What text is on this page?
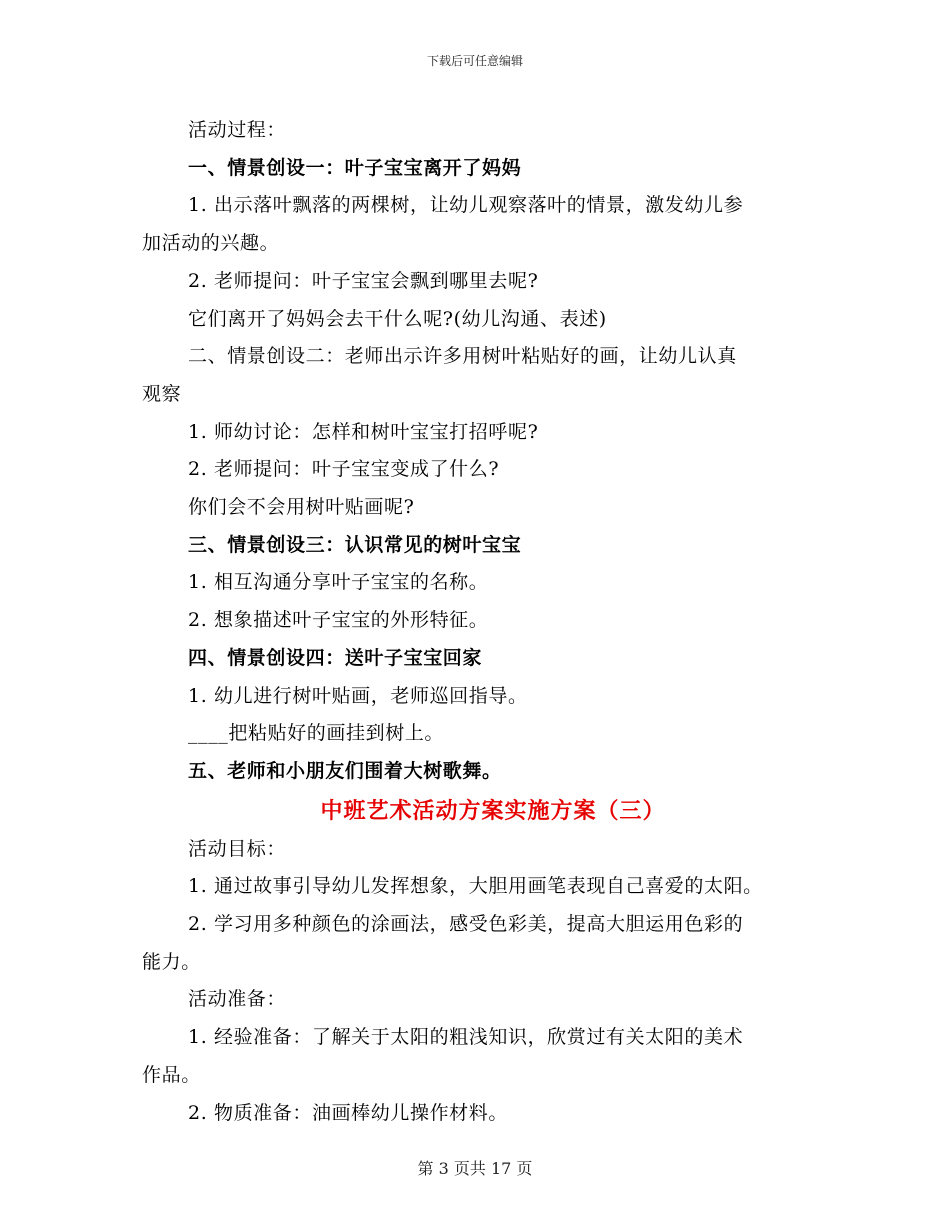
下载后可任意编辑
活动过程：
一、情景创设一：叶子宝宝离开了妈妈
1. 出示落叶飘落的两棵树，让幼儿观察落叶的情景，激发幼儿参
加活动的兴趣。
2. 老师提问：叶子宝宝会飘到哪里去呢?
它们离开了妈妈会去干什么呢?(幼儿沟通、表述)
二、情景创设二：老师出示许多用树叶粘贴好的画，让幼儿认真
观察
1. 师幼讨论：怎样和树叶宝宝打招呼呢?
2. 老师提问：叶子宝宝变成了什么?
你们会不会用树叶贴画呢?
三、情景创设三：认识常见的树叶宝宝
1. 相互沟通分享叶子宝宝的名称。
2. 想象描述叶子宝宝的外形特征。
四、情景创设四：送叶子宝宝回家
1. 幼儿进行树叶贴画，老师巡回指导。
____把粘贴好的画挂到树上。
五、老师和小朋友们围着大树歌舞。
中班艺术活动方案实施方案（三）
活动目标：
1. 通过故事引导幼儿发挥想象，大胆用画笔表现自己喜爱的太阳。
2. 学习用多种颜色的涂画法，感受色彩美，提高大胆运用色彩的
能力。
活动准备：
1. 经验准备：了解关于太阳的粗浅知识，欣赏过有关太阳的美术
作品。
2. 物质准备：油画棒幼儿操作材料。
第 3 页共 17 页
